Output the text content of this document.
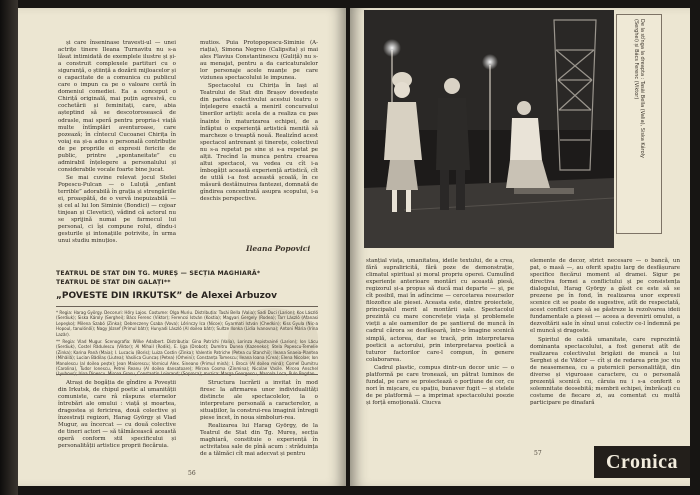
și care înseninase travesti-ul — unei actrițe tinere Ileana Turnavitu nu s-a lăsat intimidată de exemplele ilustre și și-a construit complexele partituri cu o siguranță, o știință a dozării mijloacelor și o capacitate de a comunica cu publicul care o impun ca pe o valoare certă în domeniul comediei. Ea a conceput o Chiriță originală, mai puțin agresivă, cu cochetării și feminitați, care, abia așteptind să se descotorosească de odrasle, mai speră pentru propria-i viață multe întîmplări aventuroase, care pozează; în cîntecul Cucoanei Chirița în voiaj ea și-a adus o personală contribuție de pe propriile ei expresii fericite de public, printre „spontaneitate” cu admirabil înțelegere a personalului și considerabile vocale foarte bine jucat.

Se mai cuvine relevat jocul Stelei Popescu-Pulcan — o Luluță „enfant terrible” adorabilă în grația și strengăriile ei, proaspătă, de o vervă inepuizabilă — și cel al lui Ion Siminie (Bondici) — cojoar tinjean și Clevetici), vădind că actorul nu se sprijină numai pe farmecul lui personal, ci își compune rolul, dîndu-i gesturile și intonațiile potrivite, în urma unui studiu minuțios.

mutios. Puia Protopopescu-Siminie (A-riația), Simona Negreo (Calipsita) și mai ales Flavius Constantinescu (Guliță) nu s-au menajat, pentru a da caricaturalelor lor personaje acele nuanțe pe care viziunea spectacolului le impunea.

Spectacolul cu Chirița în Iași al Teatrului de Stat din Brașov dovedește din partea colectivului acestui teatru o înțelegere exactă a meniril concursului tinerilor artiști: acela de a realiza cu pas înainte în maturizarea echipei, de a înfăptui o experiență artistică menită să marcheze o treaptă nouă. Realizînd acest spectacol antrenant și tinerețe, colectivul nu s-a repetat pe sine și s-a repetat pe alții. Trecînd la munca pentru crearea altui spectacol, va vedea cu cît i-a îmbogățit această experiență artistică, cît de utilă i-a fost această școală, în ce măsură destăinuirea fantezei, domnată de gîndirea concentrată asupra scopului, i-a deschis perspective.

Ileana Popovici
TEATRUL DE STAT DIN TG. MUREȘ — SECȚIA MAGHIARĂ*
TEATRUL DE STAT DIN GALAȚI**
„POVESTE DIN IRKUTSK” de Alexei Arbuzov
* Regia: Harag György. Decoruri: Hőry Lajos. Costume: Olga Muriu. Distribuția: Tasăi Bella (Valia); Sadi Duci (Larion); Kos László (Serdiuk); Siska Károly (Serghei); Bács Ferenc (Viktor); Ferencsi István (Kostia); Magyari Gergely (Rodea); Tarr László (Afanasi Lepeşko); Milena Szabó (Zinka); Debreczeny Csaba (Vova); Lőrinczy Ica (Nicoe); Gyarmati István (Chedkin); Kiss Gyula (Nic-a Hopoul, tanulónői); Nagy József (Primul bâtr); Hunyadi László (Al doilea bâtr); Sultze Ilonka (Lidia Ivanovna); Antoni Mária (Irina Lazăr).
** Regia: Vlad Mugur. Scenografia: Wilke Adalbert. Distribuția: Gina Patrichi (Valia), Lorinza Aspistvainé (Larion); Ion Lăcu (Serdiuk), Costel Rădulescu (Viktor); Al Mihail (Rodik), E. Ijga (Drobot); Dumitru Dunea (Kazeneko); Stela Popescu-Temelie (Zinka); Karina Pană (Maia); I. Lucaciu (Boris); Luiza Costin (Zinka); Valentin Patriche (Petea cu Stanchii); Ileana Snaeia-Plantea (Mihăilă); Lucian Bădilaș (Liutea); Vasilica Ciuncaș (Petea) (Orheini); Constanța Tomescu; Ileana Ioana (Crea); Elena Nicolae; Ion Manolescu (al doilea pește); Jean Maiorescu; Vornicul Alex. Sineano (Primul mină); I. Broca (Al doilea mină); Cornel Dumitru (Carolina), Tudor Ionescu, Petrei Reanu (Al doilea dansatoare); Mircea Cosma (Zinmina); Nicolae Vasile. Mircea Anschel

Atrași de bogăția de gîndire a Poveștii din Irkutsk, de chipul poetic al umanității comuniste, care râ răspuns eternelor întrebări ale omului : viață și moartea, dragostea și fericirea, două colective și înzestrați regizori, Harag György și Vlad Mugur, au încercat — cu două colective de tineri actori — să tălmăcească această operă conform stil specificului și personalității artistice proprii fiecăruia.

Structura lucrării a invitat în mod firesc la afirmarea unor individualități distincte ale spectacolelor, la o interpretare personală a caracterelor, a situațiilor, la construi-rea imaginii întregii piese încet, în noua simboluri-rea.

Realizarea lui Harag György, de la Teatrul de Stat din Tg. Mureș, secția maghiară, constituie o experiență în activitatea sale de pînă acum : străduința de a tălmăci cît mai adecvat și pentru

56
De la stînga la dreapta : Tasăi Bella (Valia), Siska Károly
(Serghei) și Bács Ferenc (Viktor)

stanțial viața, umanitatea, ideile textului, de a crea, fără supraliricită, fără poze de demonstrație, climatul spiritual și moral propriu operei. Cumulînd experiențe anterioare montări cu această piesă, regizorul și-a propus să ducă mai departe — și, pe cît posibil, mai în adîncime — cercetarea resurselor filozofice ale piesei. Aceasta este, dintre proiectele, principalul merit al montării sale. Spectacolul prezintă cu mare concretețe viața și problemele vieții a ale oamenilor de pe șantierul de muncă în cadrul cărora se desfășoară, într-o îmagine scenică simplă, actorea, dar se tracă, prin interpretarea poeticii a actorului, prin interpretarea poetică a tuturor factorilor care-l compun, în genere colaborarea.

Cadrul plastic, compus dintr-un decor unic — o platformă pe care tronează, un pătrat luminos de fundal, pe care se proiectează o porțiune de cer, cu nori în mișcare, cu spațiu, bunaver fugit — și stelele de pe platformă — a imprimat spectacolului poezie și forță emoțională. Ciucva

elemente de decor, strict necesare — o bancă, un pat, o masă —, au oferit spațiu larg de desfășurare specifice fiecărui moment al dramei. Sigur pe directiva formei a conflictului și pe consistența dialogului, Harag György a găsit ce este să se prezene pe în fond, în realizarea unor expresii scenice cit se poate de sugestive, atît de respectată, acest conflict care să se păstreze la rezolvarea ideii fundamentale a piesei — aceea a devenirii omului, a dezvoltării sale în sînul unui colectiv ce-l îndemnă pe el muncă și dragoste.

Spiritul de caldă umanitate, care reprezintă dominanta spectacolului, a fost generat atît de realizarea colectivului brigăzii de muncă a lui Serghei și de Viktor — cît și de redarea prin joc viu de neasemenea, cu a puternicii personalității, din diverse și viguroase caractere, cu o personală prezență scenică cu, căruia nu i s-a conferit o solemnitate deosebită; membrii echipei, îmbrăcați cu costume de fiecare zi, au comentat cu multă participare pe dinafară

57	Cronica
